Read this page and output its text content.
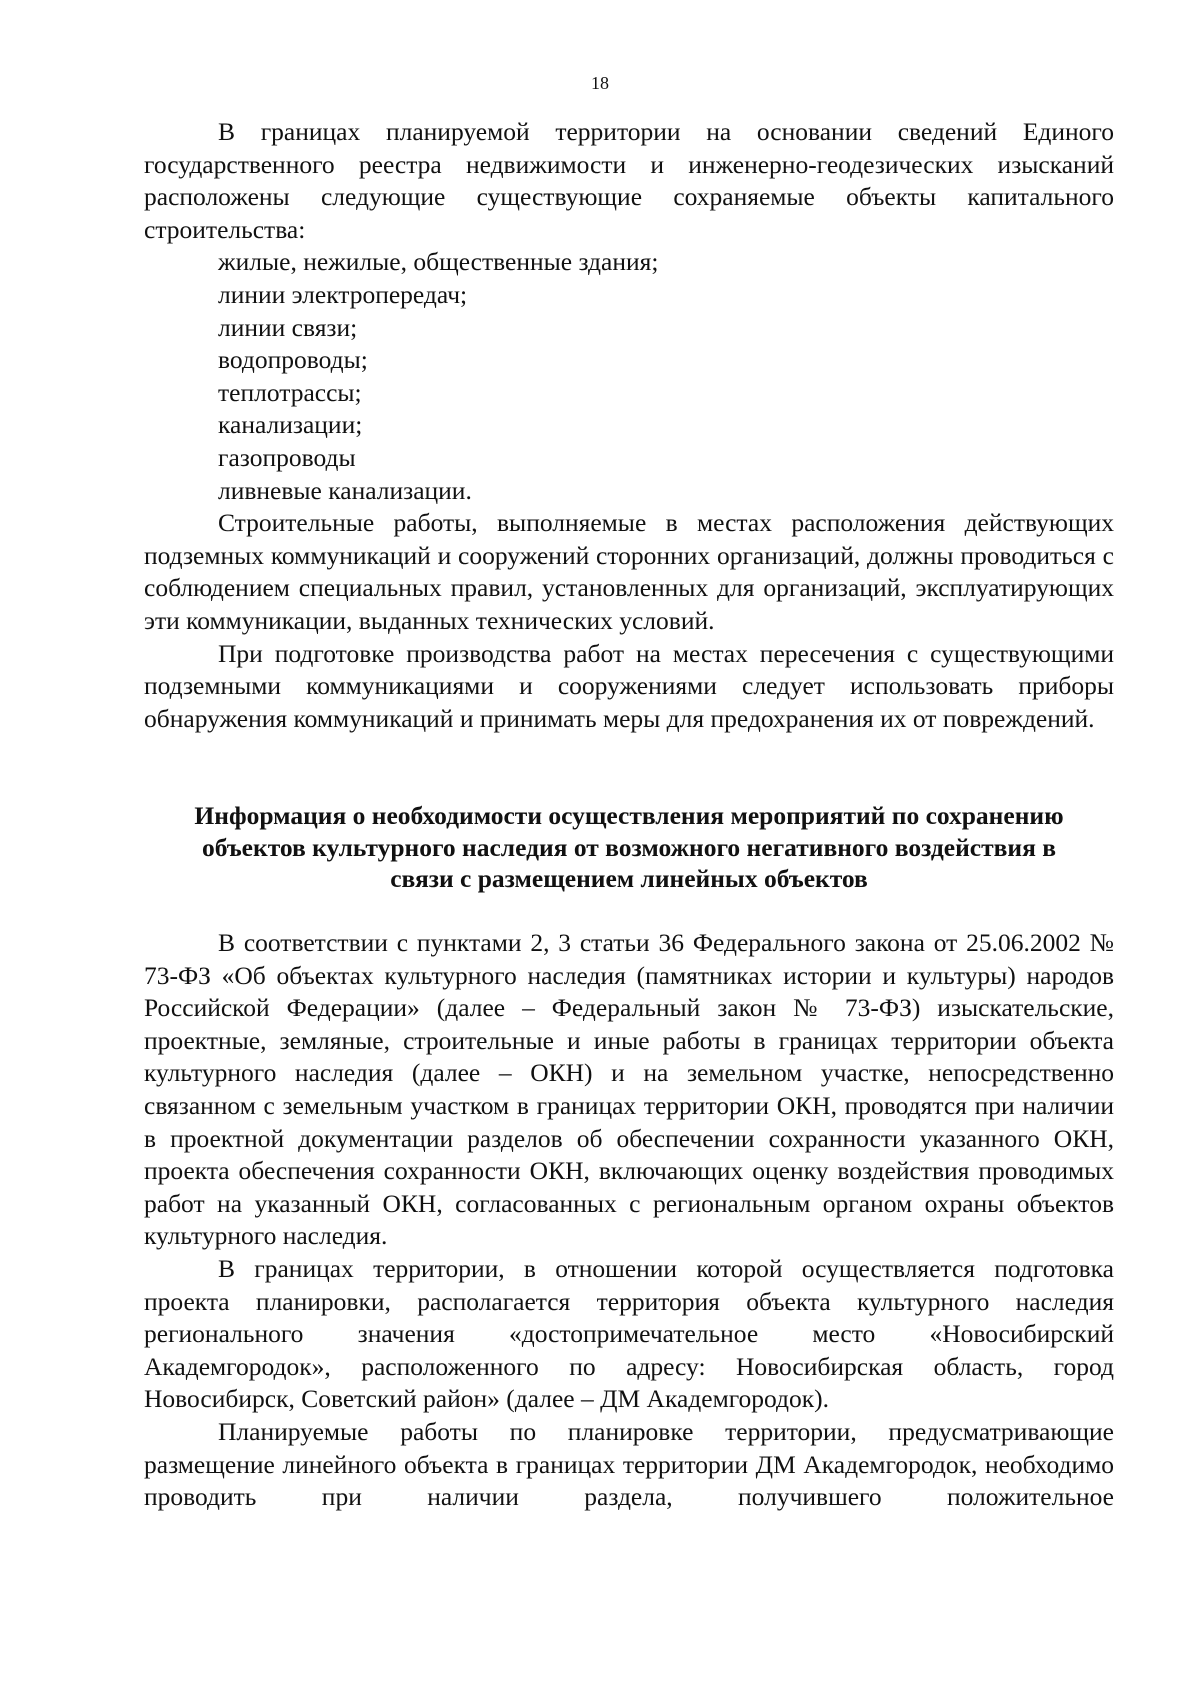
18

В границах планируемой территории на основании сведений Единого государственного реестра недвижимости и инженерно-геодезических изысканий расположены следующие существующие сохраняемые объекты капитального строительства:

жилые, нежилые, общественные здания;
линии электропередач;
линии связи;
водопроводы;
теплотрассы;
канализации;
газопроводы
ливневые канализации.

Строительные работы, выполняемые в местах расположения действующих подземных коммуникаций и сооружений сторонних организаций, должны проводиться с соблюдением специальных правил, установленных для организаций, эксплуатирующих эти коммуникации, выданных технических условий.

При подготовке производства работ на местах пересечения с существующими подземными коммуникациями и сооружениями следует использовать приборы обнаружения коммуникаций и принимать меры для предохранения их от повреждений.

Информация о необходимости осуществления мероприятий по сохранению
объектов культурного наследия от возможного негативного воздействия в
связи с размещением линейных объектов

В соответствии с пунктами 2, 3 статьи 36 Федерального закона от 25.06.2002 № 73-ФЗ «Об объектах культурного наследия (памятниках истории и культуры) народов Российской Федерации» (далее – Федеральный закон № 73-ФЗ) изыскательские, проектные, земляные, строительные и иные работы в границах территории объекта культурного наследия (далее – ОКН) и на земельном участке, непосредственно связанном с земельным участком в границах территории ОКН, проводятся при наличии в проектной документации разделов об обеспечении сохранности указанного ОКН, проекта обеспечения сохранности ОКН, включающих оценку воздействия проводимых работ на указанный ОКН, согласованных с региональным органом охраны объектов культурного наследия.

В границах территории, в отношении которой осуществляется подготовка проекта планировки, располагается территория объекта культурного наследия регионального значения «достопримечательное место «Новосибирский Академгородок», расположенного по адресу: Новосибирская область, город Новосибирск, Советский район» (далее – ДМ Академгородок).

Планируемые работы по планировке территории, предусматривающие размещение линейного объекта в границах территории ДМ Академгородок, необходимо проводить при наличии раздела, получившего положительное
